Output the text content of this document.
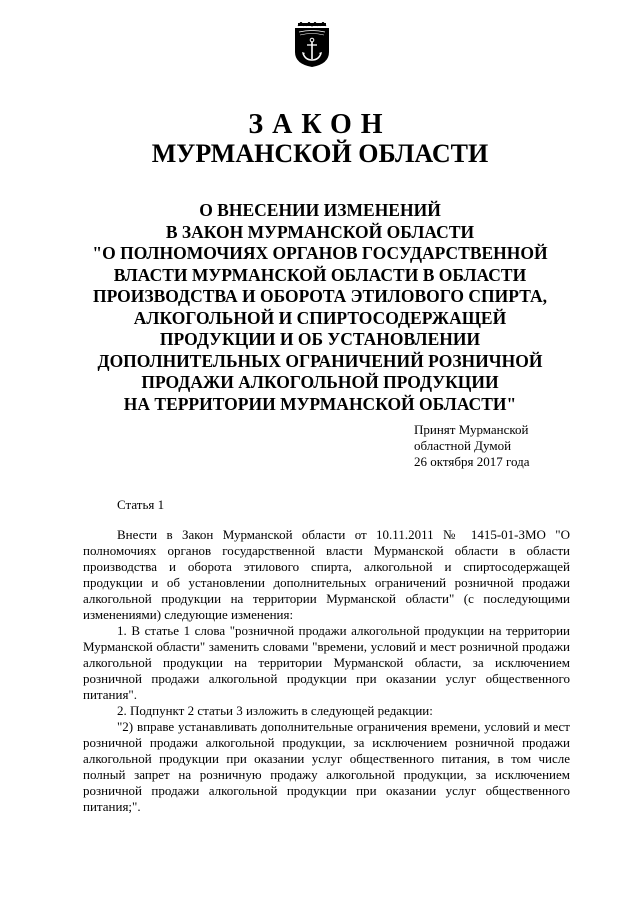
ЗАКОН
МУРМАНСКОЙ ОБЛАСТИ
О ВНЕСЕНИИ ИЗМЕНЕНИЙ
В ЗАКОН МУРМАНСКОЙ ОБЛАСТИ
"О ПОЛНОМОЧИЯХ ОРГАНОВ ГОСУДАРСТВЕННОЙ
ВЛАСТИ МУРМАНСКОЙ ОБЛАСТИ В ОБЛАСТИ
ПРОИЗВОДСТВА И ОБОРОТА ЭТИЛОВОГО СПИРТА,
АЛКОГОЛЬНОЙ И СПИРТОСОДЕРЖАЩЕЙ
ПРОДУКЦИИ И ОБ УСТАНОВЛЕНИИ
ДОПОЛНИТЕЛЬНЫХ ОГРАНИЧЕНИЙ РОЗНИЧНОЙ
ПРОДАЖИ АЛКОГОЛЬНОЙ ПРОДУКЦИИ
НА ТЕРРИТОРИИ МУРМАНСКОЙ ОБЛАСТИ"
Принят Мурманской
областной Думой
26 октября 2017 года
Статья 1

Внести в Закон Мурманской области от 10.11.2011 № 1415-01-ЗМО "О полномочиях органов государственной власти Мурманской области в области производства и оборота этилового спирта, алкогольной и спиртосодержащей продукции и об установлении дополнительных ограничений розничной продажи алкогольной продукции на территории Мурманской области" (с последующими изменениями) следующие изменения:

1. В статье 1 слова "розничной продажи алкогольной продукции на территории Мурманской области" заменить словами "времени, условий и мест розничной продажи алкогольной продукции на территории Мурманской области, за исключением розничной продажи алкогольной продукции при оказании услуг общественного питания".

2. Подпункт 2 статьи 3 изложить в следующей редакции:

"2) вправе устанавливать дополнительные ограничения времени, условий и мест розничной продажи алкогольной продукции, за исключением розничной продажи алкогольной продукции при оказании услуг общественного питания, в том числе полный запрет на розничную продажу алкогольной продукции, за исключением розничной продажи алкогольной продукции при оказании услуг общественного питания;".
